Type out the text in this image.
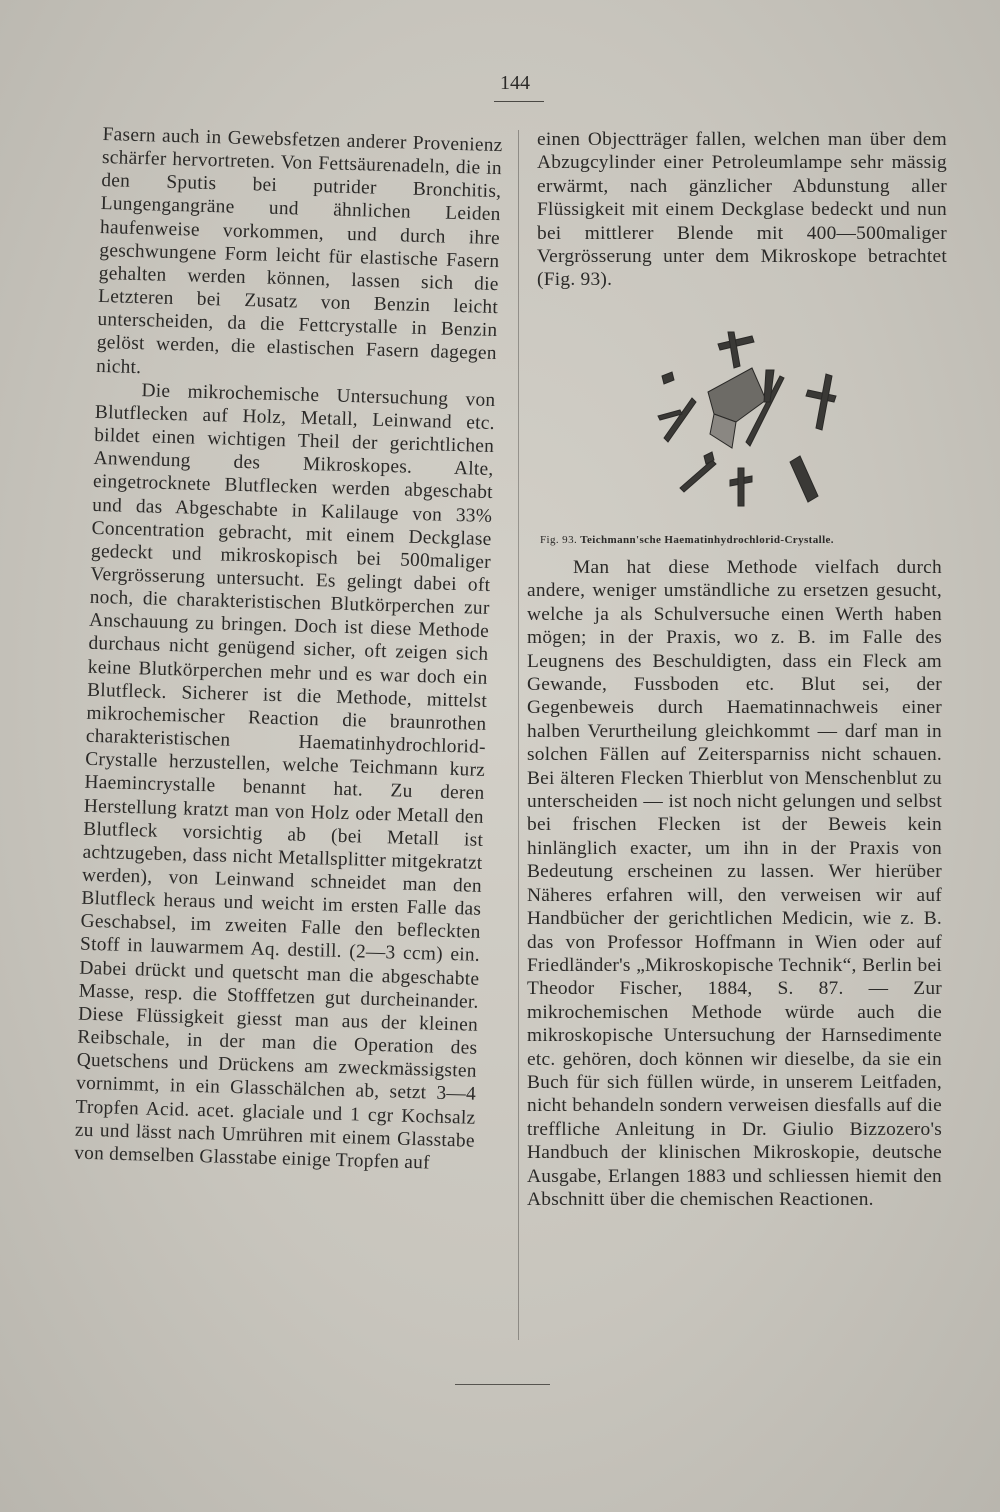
144

Fasern auch in Gewebsfetzen anderer Provenienz schärfer hervortreten. Von Fettsäurenadeln, die in den Sputis bei putrider Bronchitis, Lungengangräne und ähnlichen Leiden haufenweise vorkommen, und durch ihre geschwungene Form leicht für elastische Fasern gehalten werden können, lassen sich die Letzteren bei Zusatz von Benzin leicht unterscheiden, da die Fettcrystalle in Benzin gelöst werden, die elastischen Fasern dagegen nicht.

Die mikrochemische Untersuchung von Blutflecken auf Holz, Metall, Leinwand etc. bildet einen wichtigen Theil der gerichtlichen Anwendung des Mikroskopes. Alte, eingetrocknete Blutflecken werden abgeschabt und das Abgeschabte in Kalilauge von 33% Concentration gebracht, mit einem Deckglase gedeckt und mikroskopisch bei 500maliger Vergrösserung untersucht. Es gelingt dabei oft noch, die charakteristischen Blutkörperchen zur Anschauung zu bringen. Doch ist diese Methode durchaus nicht genügend sicher, oft zeigen sich keine Blutkörperchen mehr und es war doch ein Blutfleck. Sicherer ist die Methode, mittelst mikrochemischer Reaction die braunrothen charakteristischen Haematinhydrochlorid-Crystalle herzustellen, welche Teichmann kurz Haemincrystalle benannt hat. Zu deren Herstellung kratzt man von Holz oder Metall den Blutfleck vorsichtig ab (bei Metall ist achtzugeben, dass nicht Metallsplitter mitgekratzt werden), von Leinwand schneidet man den Blutfleck heraus und weicht im ersten Falle das Geschabsel, im zweiten Falle den befleckten Stoff in lauwarmem Aq. destill. (2—3 ccm) ein. Dabei drückt und quetscht man die abgeschabte Masse, resp. die Stofffetzen gut durcheinander. Diese Flüssigkeit giesst man aus der kleinen Reibschale, in der man die Operation des Quetschens und Drückens am zweckmässigsten vornimmt, in ein Glasschälchen ab, setzt 3—4 Tropfen Acid. acet. glaciale und 1 cgr Kochsalz zu und lässt nach Umrühren mit einem Glasstabe von demselben Glasstabe einige Tropfen auf

einen Objectträger fallen, welchen man über dem Abzugcylinder einer Petroleumlampe sehr mässig erwärmt, nach gänzlicher Abdunstung aller Flüssigkeit mit einem Deckglase bedeckt und nun bei mittlerer Blende mit 400—500maliger Vergrösserung unter dem Mikroskope betrachtet (Fig. 93).

Fig. 93. Teichmann'sche Haematinhydrochlorid-Crystalle.

Man hat diese Methode vielfach durch andere, weniger umständliche zu ersetzen gesucht, welche ja als Schulversuche einen Werth haben mögen; in der Praxis, wo z. B. im Falle des Leugnens des Beschuldigten, dass ein Fleck am Gewande, Fussboden etc. Blut sei, der Gegenbeweis durch Haematinnachweis einer halben Verurtheilung gleichkommt — darf man in solchen Fällen auf Zeitersparniss nicht schauen. Bei älteren Flecken Thierblut von Menschenblut zu unterscheiden — ist noch nicht gelungen und selbst bei frischen Flecken ist der Beweis kein hinlänglich exacter, um ihn in der Praxis von Bedeutung erscheinen zu lassen. Wer hierüber Näheres erfahren will, den verweisen wir auf Handbücher der gerichtlichen Medicin, wie z. B. das von Professor Hoffmann in Wien oder auf Friedländer's „Mikroskopische Technik“, Berlin bei Theodor Fischer, 1884, S. 87. — Zur mikrochemischen Methode würde auch die mikroskopische Untersuchung der Harnsedimente etc. gehören, doch können wir dieselbe, da sie ein Buch für sich füllen würde, in unserem Leitfaden, nicht behandeln sondern verweisen diesfalls auf die treffliche Anleitung in Dr. Giulio Bizzozero's Handbuch der klinischen Mikroskopie, deutsche Ausgabe, Erlangen 1883 und schliessen hiemit den Abschnitt über die chemischen Reactionen.
